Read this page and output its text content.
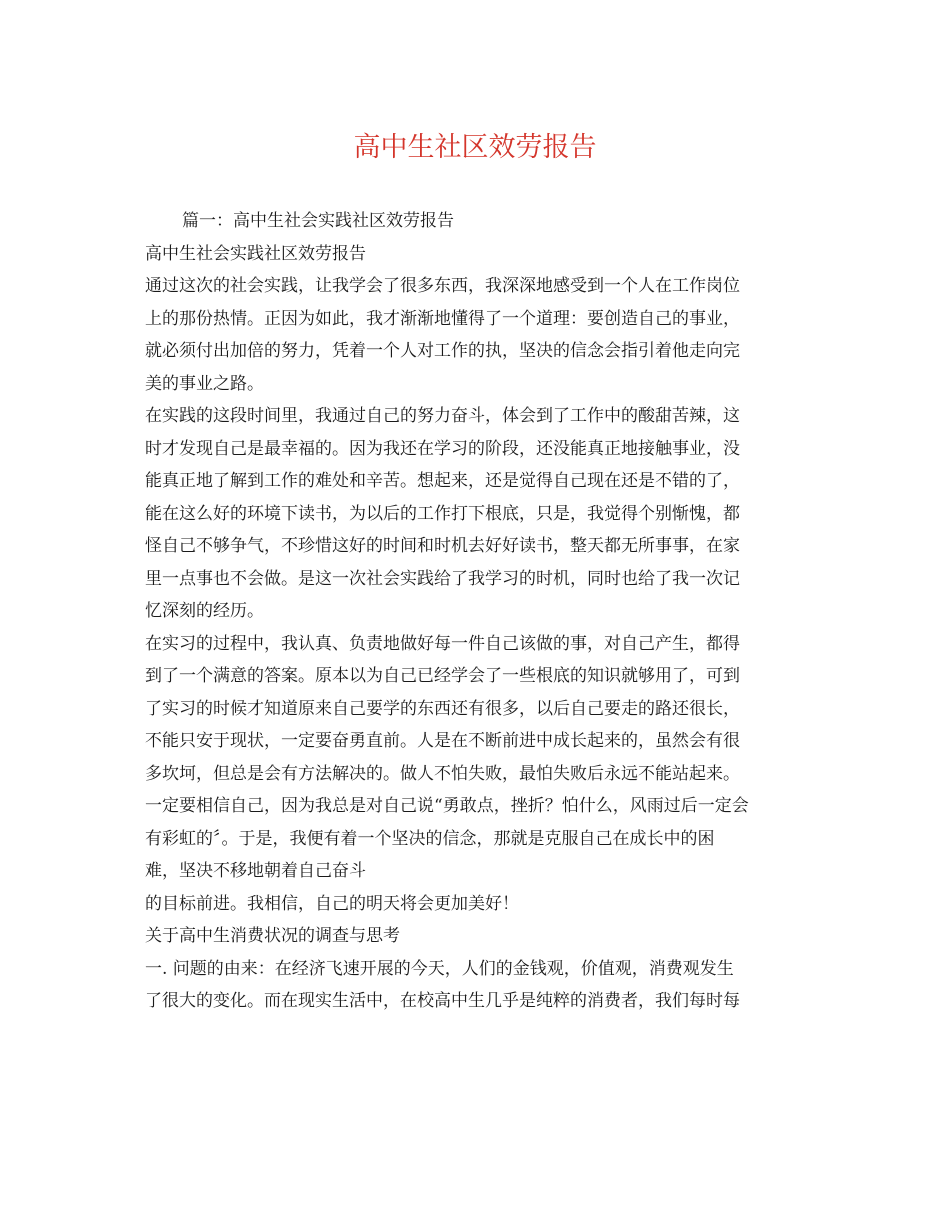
高中生社区效劳报告
篇一：高中生社会实践社区效劳报告
高中生社会实践社区效劳报告
通过这次的社会实践，让我学会了很多东西，我深深地感受到一个人在工作岗位
上的那份热情。正因为如此，我才渐渐地懂得了一个道理：要创造自己的事业，
就必须付出加倍的努力，凭着一个人对工作的执，坚决的信念会指引着他走向完
美的事业之路。
在实践的这段时间里，我通过自己的努力奋斗，体会到了工作中的酸甜苦辣，这
时才发现自己是最幸福的。因为我还在学习的阶段，还没能真正地接触事业，没
能真正地了解到工作的难处和辛苦。想起来，还是觉得自己现在还是不错的了，
能在这么好的环境下读书，为以后的工作打下根底，只是，我觉得个别惭愧，都
怪自己不够争气，不珍惜这好的时间和时机去好好读书，整天都无所事事，在家
里一点事也不会做。是这一次社会实践给了我学习的时机，同时也给了我一次记
忆深刻的经历。
在实习的过程中，我认真、负责地做好每一件自己该做的事，对自己产生，都得
到了一个满意的答案。原本以为自己已经学会了一些根底的知识就够用了，可到
了实习的时候才知道原来自己要学的东西还有很多，以后自己要走的路还很长，
不能只安于现状，一定要奋勇直前。人是在不断前进中成长起来的，虽然会有很
多坎坷，但总是会有方法解决的。做人不怕失败，最怕失败后永远不能站起来。
一定要相信自己，因为我总是对自己说“勇敢点，挫折？怕什么，风雨过后一定会
有彩虹的〞。于是，我便有着一个坚决的信念，那就是克服自己在成长中的困
难，坚决不移地朝着自己奋斗
的目标前进。我相信，自己的明天将会更加美好！
关于高中生消费状况的调查与思考
一. 问题的由来：在经济飞速开展的今天，人们的金钱观，价值观，消费观发生
了很大的变化。而在现实生活中，在校高中生几乎是纯粹的消费者，我们每时每
